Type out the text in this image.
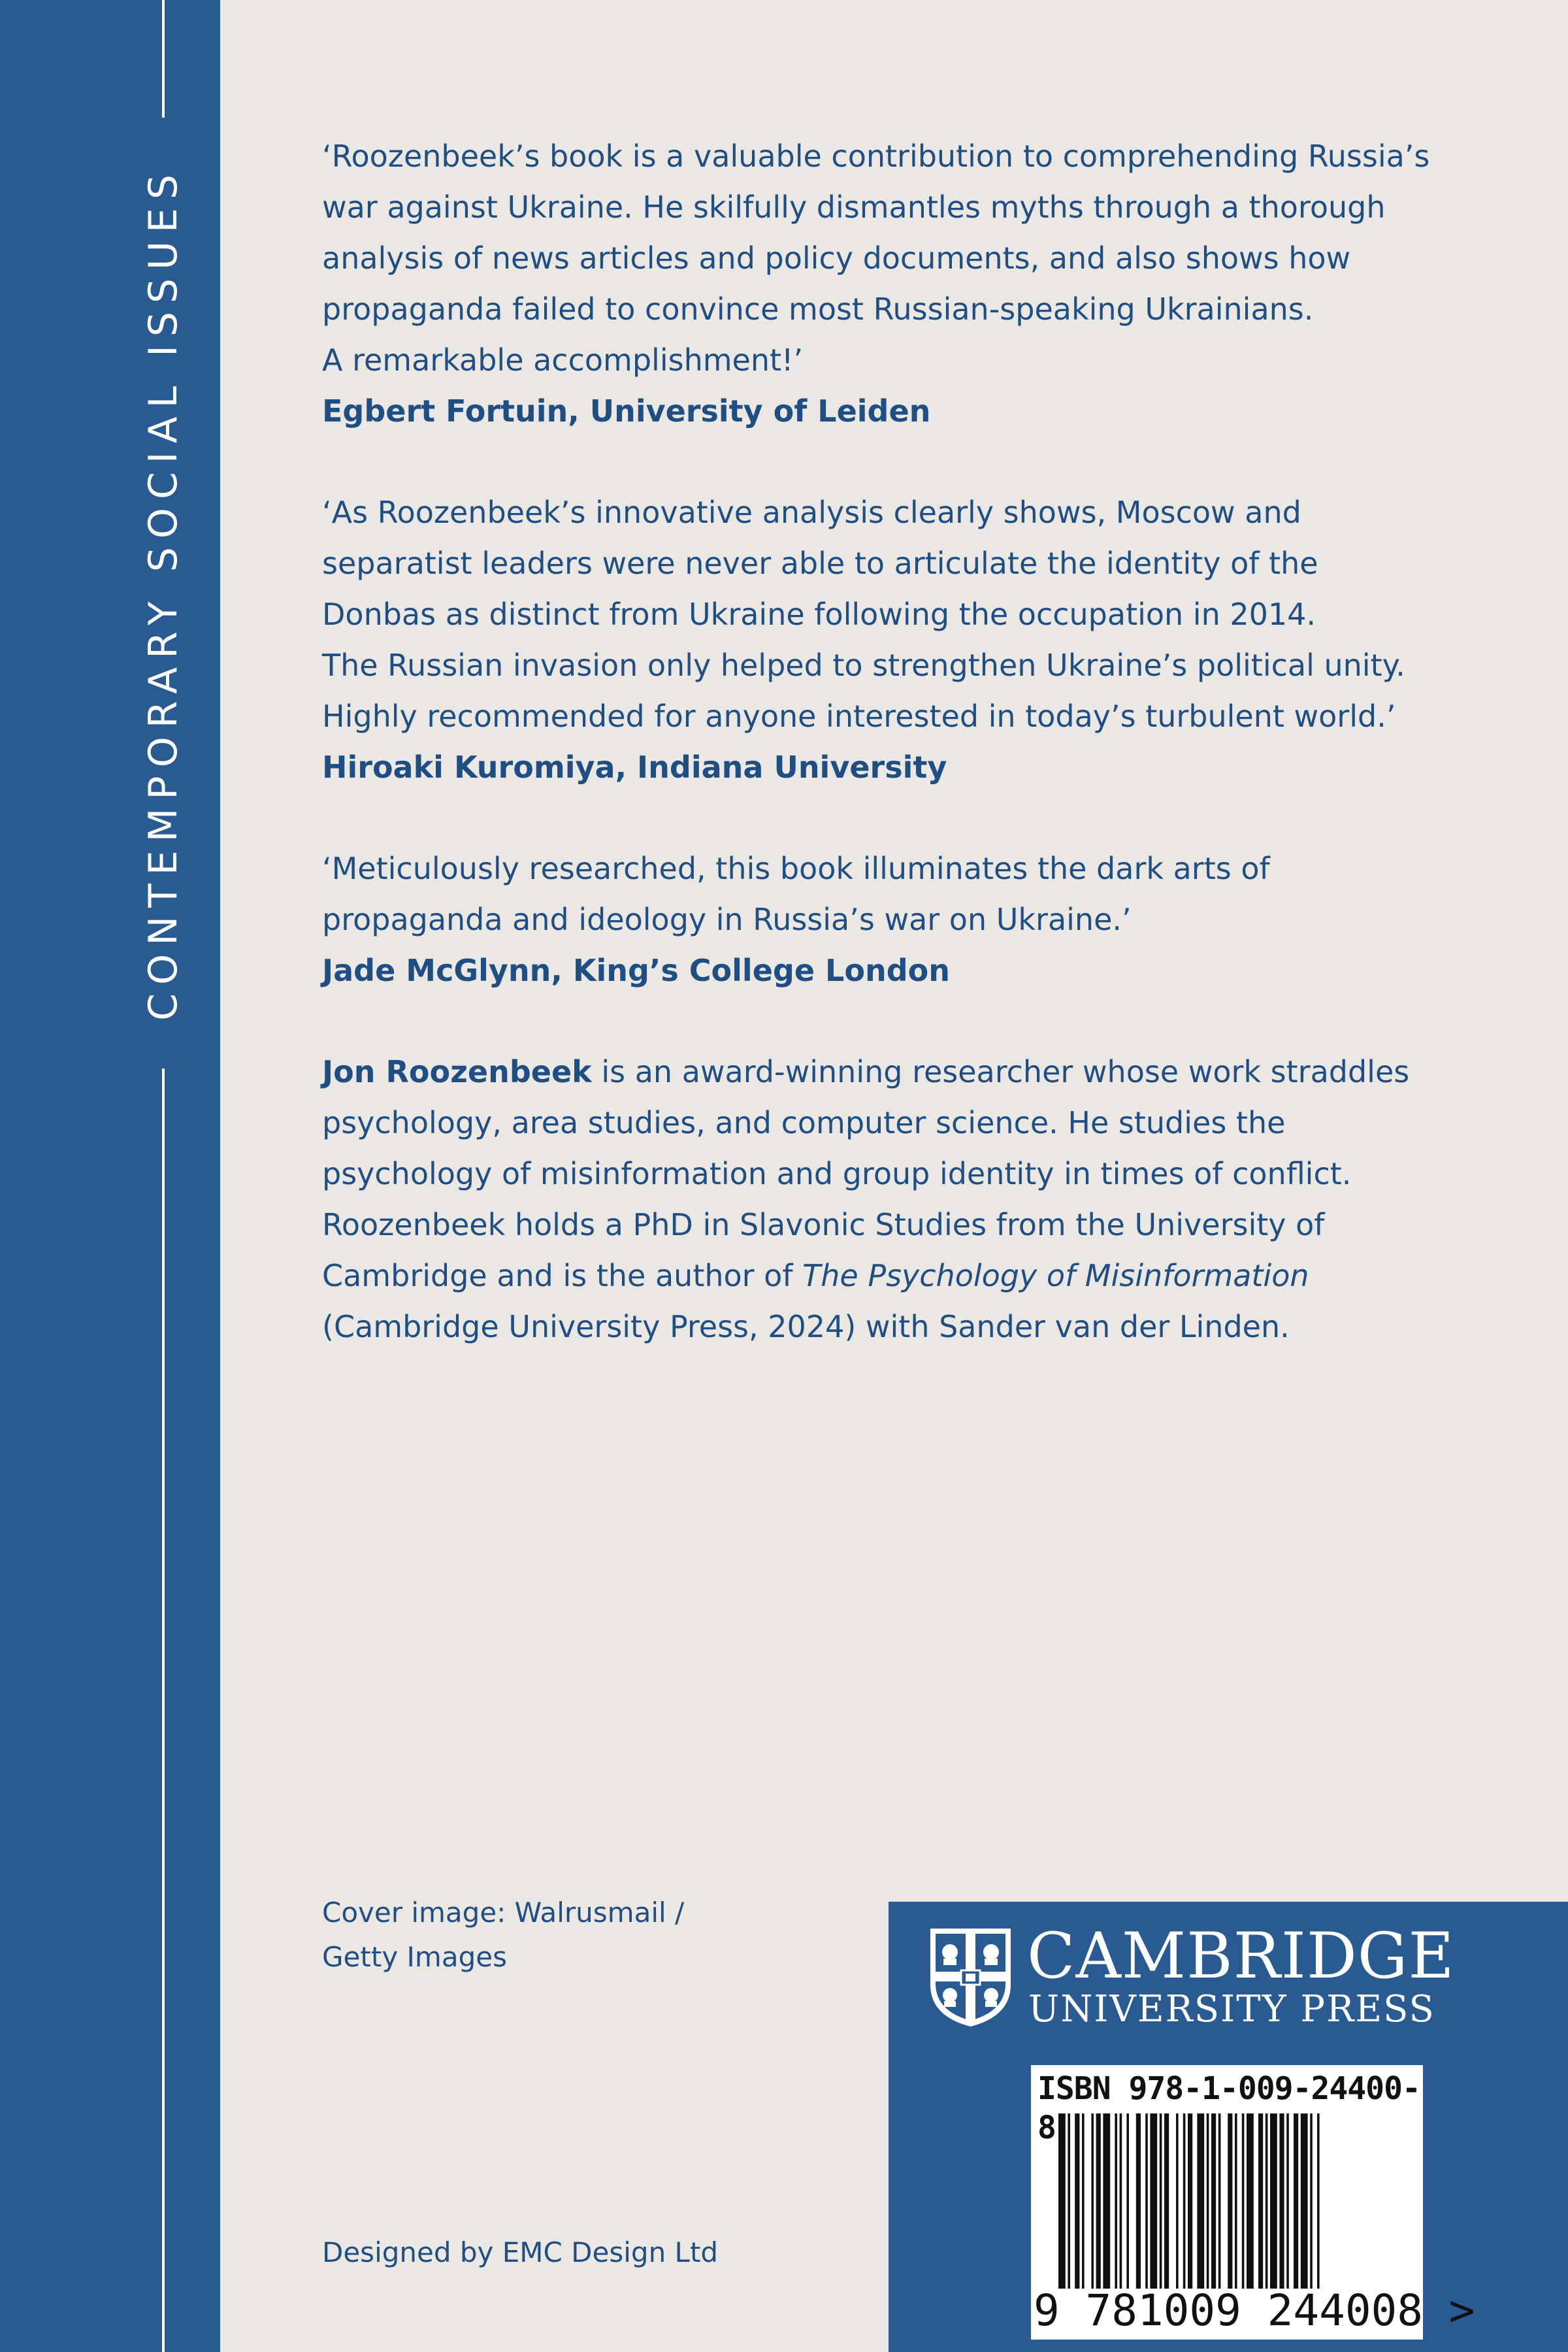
CONTEMPORARY SOCIAL ISSUES
‘Roozenbeek’s book is a valuable contribution to comprehending Russia’s
war against Ukraine. He skilfully dismantles myths through a thorough
analysis of news articles and policy documents, and also shows how
propaganda failed to convince most Russian-speaking Ukrainians.
A remarkable accomplishment!’
Egbert Fortuin, University of Leiden
‘As Roozenbeek’s innovative analysis clearly shows, Moscow and
separatist leaders were never able to articulate the identity of the
Donbas as distinct from Ukraine following the occupation in 2014.
The Russian invasion only helped to strengthen Ukraine’s political unity.
Highly recommended for anyone interested in today’s turbulent world.’
Hiroaki Kuromiya, Indiana University
‘Meticulously researched, this book illuminates the dark arts of
propaganda and ideology in Russia’s war on Ukraine.’
Jade McGlynn, King’s College London
Jon Roozenbeek is an award-winning researcher whose work straddles psychology, area studies, and computer science. He studies the psychology of misinformation and group identity in times of conflict. Roozenbeek holds a PhD in Slavonic Studies from the University of Cambridge and is the author of The Psychology of Misinformation (Cambridge University Press, 2024) with Sander van der Linden.
Cover image: Walrusmail /
Getty Images
Designed by EMC Design Ltd
CAMBRIDGE
UNIVERSITY PRESS
ISBN 978-1-009-24400-8
9 781009 244008 >
